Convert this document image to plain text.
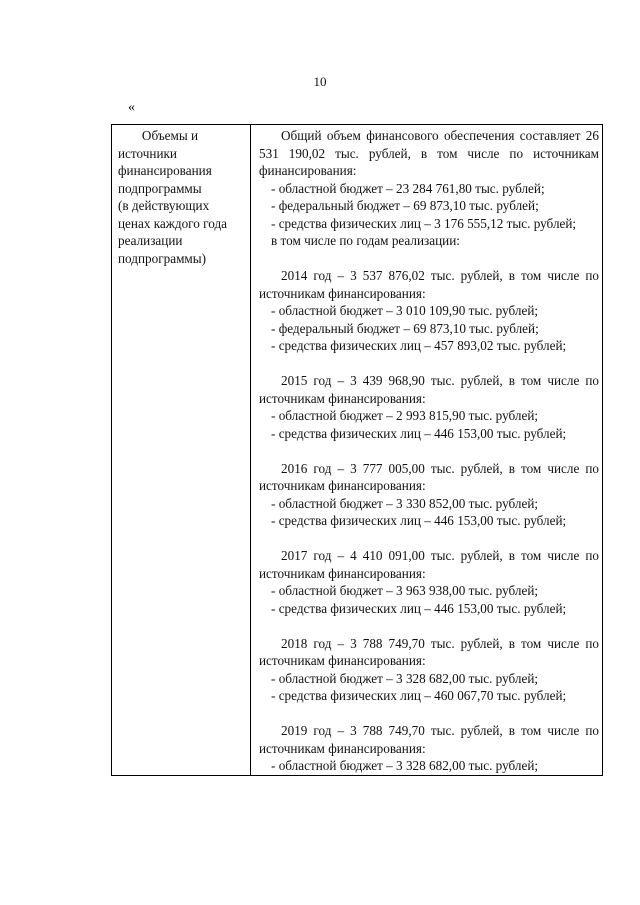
10
«
Объемы и
источники
финансирования
подпрограммы
(в действующих
ценах каждого года
реализации
подпрограммы)
Общий объем финансового обеспечения составляет 26 531 190,02 тыс. рублей, в том числе по источникам финансирования:
- областной бюджет – 23 284 761,80 тыс. рублей;
- федеральный бюджет – 69 873,10 тыс. рублей;
- средства физических лиц – 3 176 555,12 тыс. рублей;
в том числе по годам реализации:
2014 год – 3 537 876,02 тыс. рублей, в том числе по источникам финансирования:
- областной бюджет – 3 010 109,90 тыс. рублей;
- федеральный бюджет – 69 873,10 тыс. рублей;
- средства физических лиц – 457 893,02 тыс. рублей;
2015 год – 3 439 968,90 тыс. рублей, в том числе по источникам финансирования:
- областной бюджет – 2 993 815,90 тыс. рублей;
- средства физических лиц – 446 153,00 тыс. рублей;
2016 год – 3 777 005,00 тыс. рублей, в том числе по источникам финансирования:
- областной бюджет – 3 330 852,00 тыс. рублей;
- средства физических лиц – 446 153,00 тыс. рублей;
2017 год – 4 410 091,00 тыс. рублей, в том числе по источникам финансирования:
- областной бюджет – 3 963 938,00 тыс. рублей;
- средства физических лиц – 446 153,00 тыс. рублей;
2018 год – 3 788 749,70 тыс. рублей, в том числе по источникам финансирования:
- областной бюджет – 3 328 682,00 тыс. рублей;
- средства физических лиц – 460 067,70 тыс. рублей;
2019 год – 3 788 749,70 тыс. рублей, в том числе по источникам финансирования:
- областной бюджет – 3 328 682,00 тыс. рублей;
